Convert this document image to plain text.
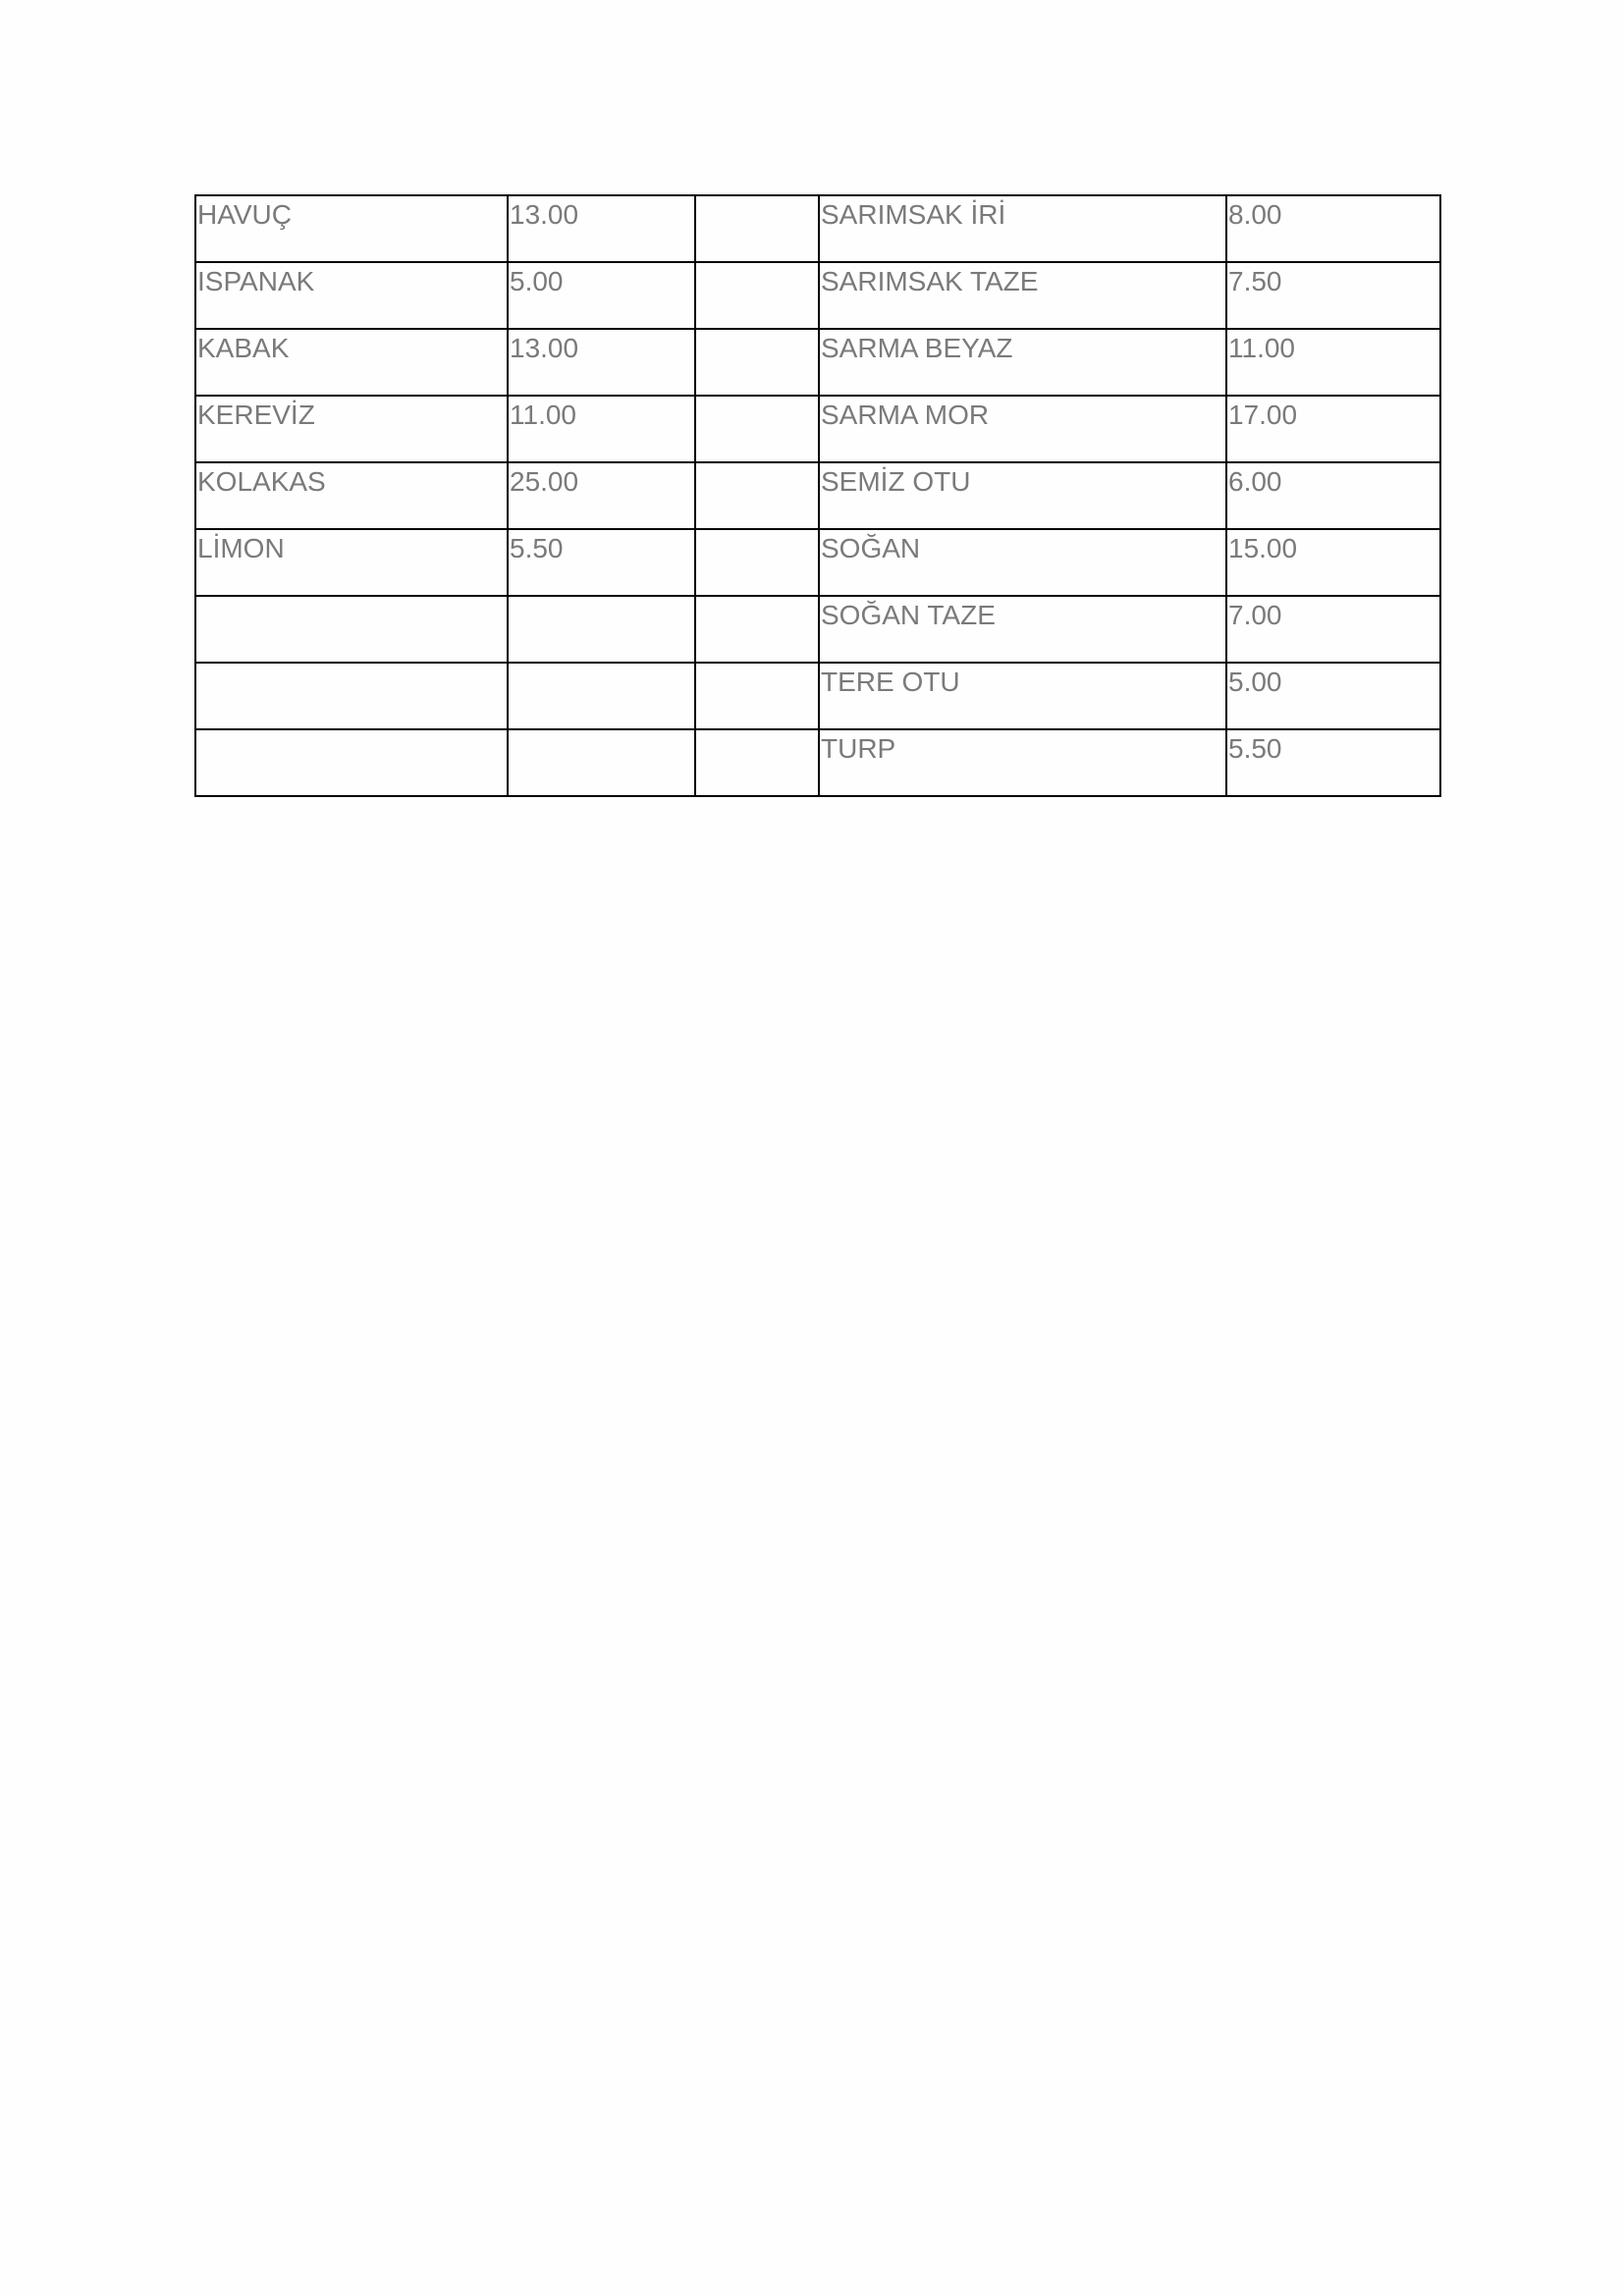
HAVUÇ	13.00		SARIMSAK İRİ	8.00

ISPANAK	5.00		SARIMSAK TAZE	7.50

KABAK	13.00		SARMA BEYAZ	11.00

KEREVİZ	11.00		SARMA MOR	17.00

KOLAKAS	25.00		SEMİZ OTU	6.00

LİMON	5.50		SOĞAN	15.00

			SOĞAN TAZE	7.00

			TERE OTU	5.00

			TURP	5.50
